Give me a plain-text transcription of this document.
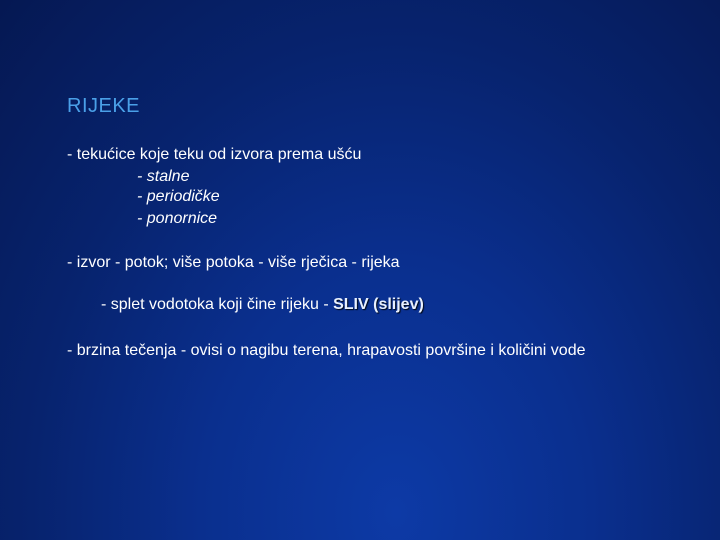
RIJEKE
- tekućice koje teku od izvora prema ušću
- stalne
- periodičke
- ponornice
- izvor - potok; više potoka - više rječica - rijeka
- splet vodotoka koji čine rijeku - SLIV (slijev)
- brzina tečenja - ovisi o nagibu terena, hrapavosti površine i količini vode
